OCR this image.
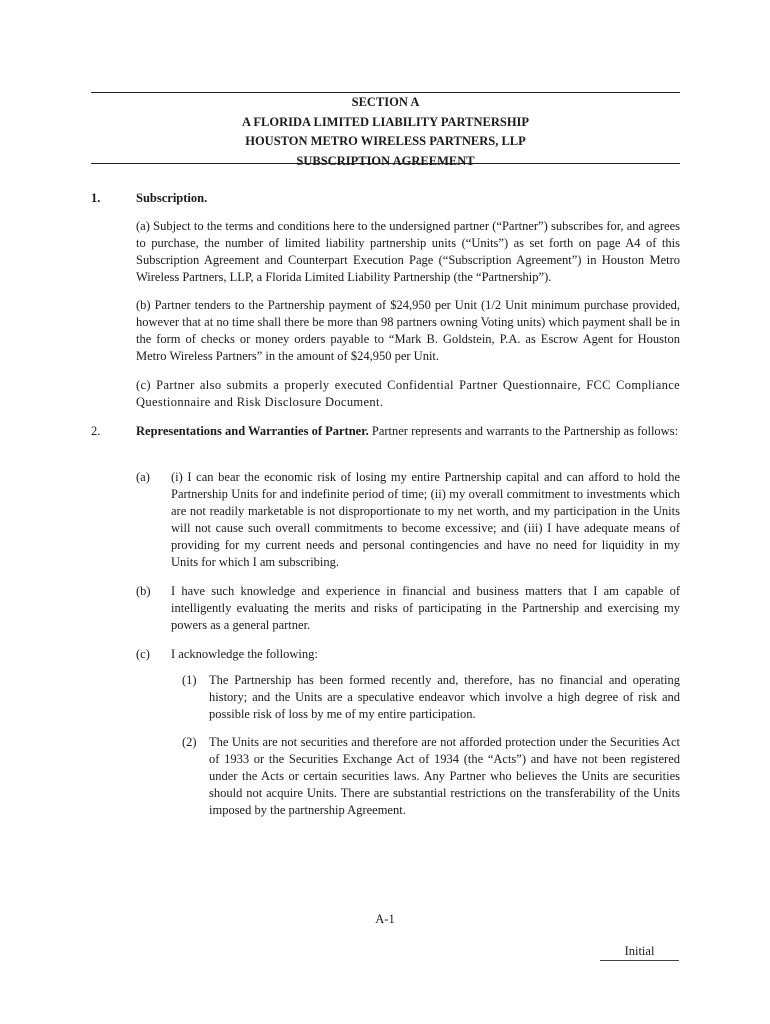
SECTION A
A FLORIDA LIMITED LIABILITY PARTNERSHIP
HOUSTON METRO WIRELESS PARTNERS, LLP
SUBSCRIPTION AGREEMENT
1.	Subscription.
(a) Subject to the terms and conditions here to the undersigned partner (“Partner”) subscribes for, and agrees to purchase, the number of limited liability partnership units (“Units”) as set forth on page A4 of this Subscription Agreement and Counterpart Execution Page (“Subscription Agreement”) in Houston Metro Wireless Partners, LLP, a Florida Limited Liability Partnership (the “Partnership”).
(b) Partner tenders to the Partnership payment of $24,950 per Unit (1/2 Unit minimum purchase provided, however that at no time shall there be more than 98 partners owning Voting units) which payment shall be in the form of checks or money orders payable to “Mark B. Goldstein, P.A. as Escrow Agent for Houston Metro Wireless Partners” in the amount of $24,950 per Unit.
(c) Partner also submits a properly executed Confidential Partner Questionnaire, FCC Compliance Questionnaire and Risk Disclosure Document.
2.	Representations and Warranties of Partner. Partner represents and warrants to the Partnership as follows:
(a) (i) I can bear the economic risk of losing my entire Partnership capital and can afford to hold the Partnership Units for and indefinite period of time; (ii) my overall commitment to investments which are not readily marketable is not disproportionate to my net worth, and my participation in the Units will not cause such overall commitments to become excessive; and (iii) I have adequate means of providing for my current needs and personal contingencies and have no need for liquidity in my Units for which I am subscribing.
(b) I have such knowledge and experience in financial and business matters that I am capable of intelligently evaluating the merits and risks of participating in the Partnership and exercising my powers as a general partner.
(c) I acknowledge the following:
(1) The Partnership has been formed recently and, therefore, has no financial and operating history; and the Units are a speculative endeavor which involve a high degree of risk and possible risk of loss by me of my entire participation.
(2) The Units are not securities and therefore are not afforded protection under the Securities Act of 1933 or the Securities Exchange Act of 1934 (the “Acts”) and have not been registered under the Acts or certain securities laws. Any Partner who believes the Units are securities should not acquire Units. There are substantial restrictions on the transferability of the Units imposed by the partnership Agreement.
A-1
Initial
